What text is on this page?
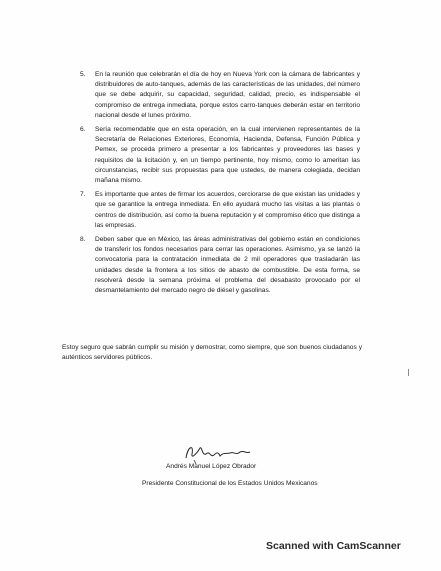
5. En la reunión que celebrarán el día de hoy en Nueva York con la cámara de fabricantes y distribuidores de auto-tanques, además de las características de las unidades, del número que se debe adquirir, su capacidad, seguridad, calidad, precio, es indispensable el compromiso de entrega inmediata, porque estos carro-tanques deberán estar en territorio nacional desde el lunes próximo.
6. Sería recomendable que en esta operación, en la cual intervienen representantes de la Secretaría de Relaciones Exteriores, Economía, Hacienda, Defensa, Función Pública y Pemex, se proceda primero a presentar a los fabricantes y proveedores las bases y requisitos de la licitación y, en un tiempo pertinente, hoy mismo, como lo ameritan las circunstancias, recibir sus propuestas para que ustedes, de manera colegiada, decidan mañana mismo.
7. Es importante que antes de firmar los acuerdos, cerciorarse de que existan las unidades y que se garantice la entrega inmediata. En ello ayudará mucho las visitas a las plantas o centros de distribución, así como la buena reputación y el compromiso ético que distinga a las empresas.
8. Deben saber que en México, las áreas administrativas del gobierno están en condiciones de transferir los fondos necesarios para cerrar las operaciones. Asimismo, ya se lanzó la convocatoria para la contratación inmediata de 2 mil operadores que trasladarán las unidades desde la frontera a los sitios de abasto de combustible. De esta forma, se resolverá desde la semana próxima el problema del desabasto provocado por el desmantelamiento del mercado negro de diésel y gasolinas.
Estoy seguro que sabrán cumplir su misión y demostrar, como siempre, que son buenos ciudadanos y auténticos servidores públicos.
Andrés Manuel López Obrador
Presidente Constitucional de los Estados Unidos Mexicanos
Scanned with CamScanner
